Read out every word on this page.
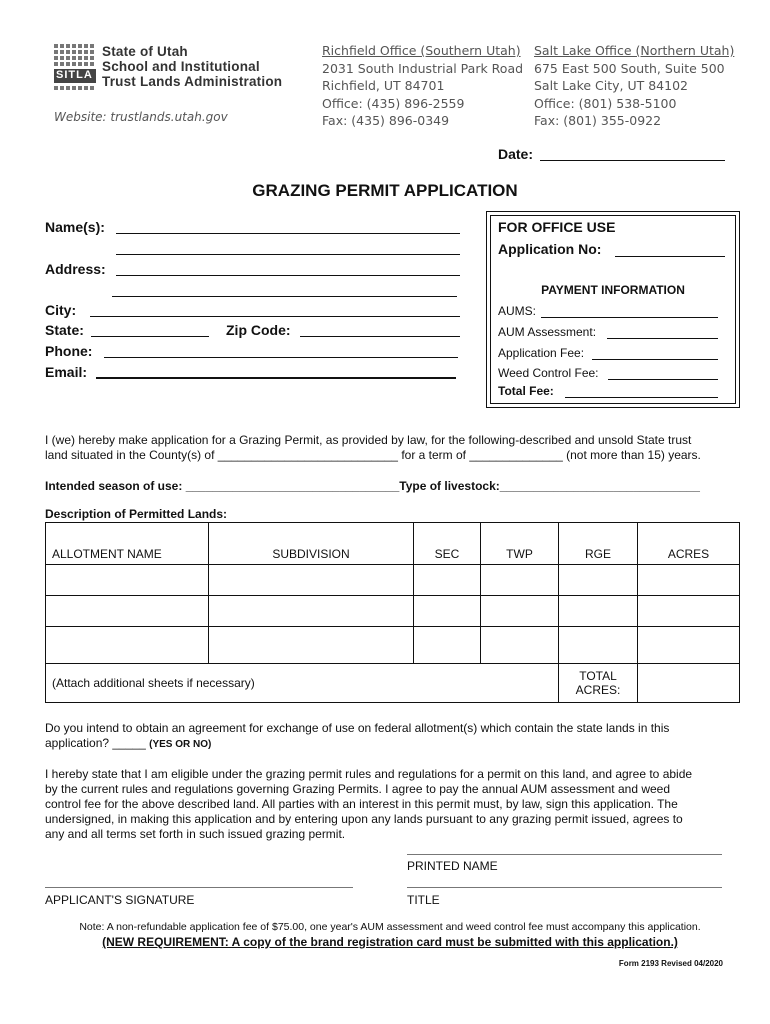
SITLA
State of Utah
School and Institutional
Trust Lands Administration
Website: trustlands.utah.gov
Richfield Office (Southern Utah)
2031 South Industrial Park Road
Richfield, UT 84701
Office: (435) 896-2559
Fax: (435) 896-0349
Salt Lake Office (Northern Utah)
675 East 500 South, Suite 500
Salt Lake City, UT 84102
Office: (801) 538-5100
Fax: (801) 355-0922
Date:
GRAZING PERMIT APPLICATION
Name(s):
Address:
City:
State:	Zip Code:
Phone:
Email:
FOR OFFICE USE
Application No:
PAYMENT INFORMATION
AUMS:
AUM Assessment:
Application Fee:
Weed Control Fee:
Total Fee:
I (we) hereby make application for a Grazing Permit, as provided by law, for the following-described and unsold State trust
land situated in the County(s) of ___________________________ for a term of ______________ (not more than 15) years.
Intended season of use: ________________________________Type of livestock:______________________________
Description of Permitted Lands:
ALLOTMENT NAME	SUBDIVISION	SEC	TWP	RGE	ACRES

(Attach additional sheets if necessary)				TOTAL
ACRES:	

Do you intend to obtain an agreement for exchange of use on federal allotment(s) which contain the state lands in this
application? _____ (YES OR NO)
I hereby state that I am eligible under the grazing permit rules and regulations for a permit on this land, and agree to abide
by the current rules and regulations governing Grazing Permits. I agree to pay the annual AUM assessment and weed
control fee for the above described land. All parties with an interest in this permit must, by law, sign this application. The
undersigned, in making this application and by entering upon any lands pursuant to any grazing permit issued, agrees to
any and all terms set forth in such issued grazing permit.
PRINTED NAME
APPLICANT'S SIGNATURE	TITLE
Note: A non-refundable application fee of $75.00, one year's AUM assessment and weed control fee must accompany this application.
(NEW REQUIREMENT: A copy of the brand registration card must be submitted with this application.)
Form 2193 Revised 04/2020
